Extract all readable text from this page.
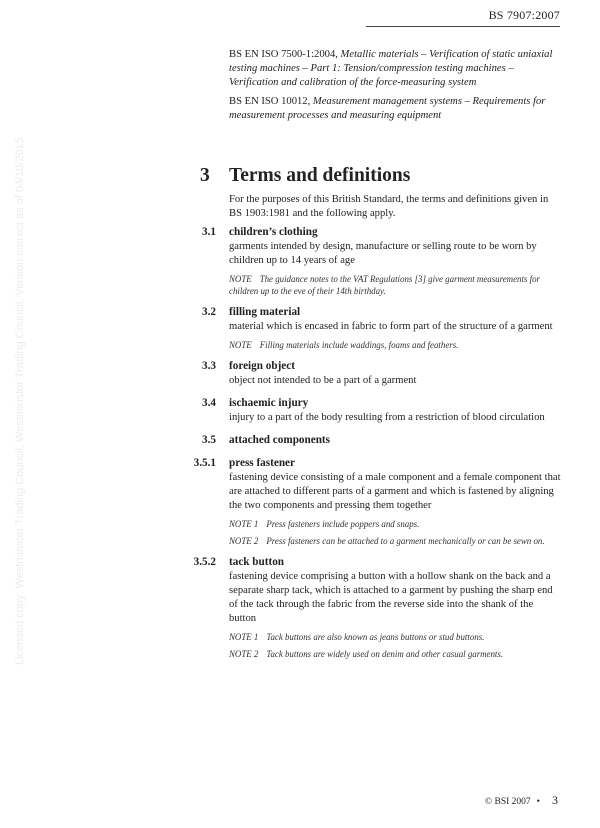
BS 7907:2007
Licensed copy: Westminster Trading Council, Westminster Trading Council, Version correct as of 04/10/2015

BS EN ISO 7500-1:2004, Metallic materials – Verification of static uniaxial testing machines – Part 1: Tension/compression testing machines – Verification and calibration of the force-measuring system

BS EN ISO 10012, Measurement management systems – Requirements for measurement processes and measuring equipment

3 Terms and definitions
For the purposes of this British Standard, the terms and definitions given in BS 1903:1981 and the following apply.
3.1 children’s clothing
garments intended by design, manufacture or selling route to be worn by children up to 14 years of age
NOTE The guidance notes to the VAT Regulations [3] give garment measurements for children up to the eve of their 14th birthday.
3.2 filling material
material which is encased in fabric to form part of the structure of a garment
NOTE Filling materials include waddings, foams and feathers.
3.3 foreign object
object not intended to be a part of a garment
3.4 ischaemic injury
injury to a part of the body resulting from a restriction of blood circulation
3.5 attached components
3.5.1 press fastener
fastening device consisting of a male component and a female component that are attached to different parts of a garment and which is fastened by aligning the two components and pressing them together
NOTE 1 Press fasteners include poppers and snaps.
NOTE 2 Press fasteners can be attached to a garment mechanically or can be sewn on.
3.5.2 tack button
fastening device comprising a button with a hollow shank on the back and a separate sharp tack, which is attached to a garment by pushing the sharp end of the tack through the fabric from the reverse side into the shank of the button
NOTE 1 Tack buttons are also known as jeans buttons or stud buttons.
NOTE 2 Tack buttons are widely used on denim and other casual garments.
© BSI 2007 • 3
